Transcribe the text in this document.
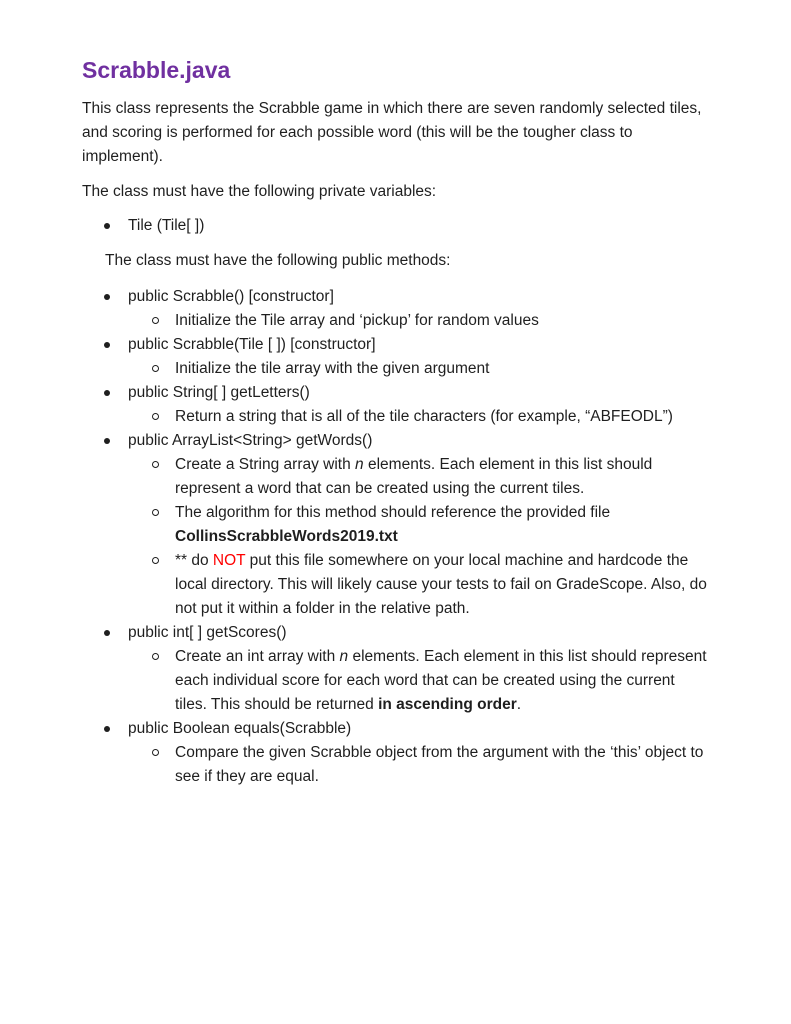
Scrabble.java

This class represents the Scrabble game in which there are seven randomly selected tiles, and scoring is performed for each possible word (this will be the tougher class to implement).

The class must have the following private variables:

Tile (Tile[ ])

The class must have the following public methods:

public Scrabble() [constructor]
Initialize the Tile array and ‘pickup’ for random values
public Scrabble(Tile [ ]) [constructor]
Initialize the tile array with the given argument
public String[ ] getLetters()
Return a string that is all of the tile characters (for example, “ABFEODL”)
public ArrayList<String> getWords()
Create a String array with n elements. Each element in this list should represent a word that can be created using the current tiles.
The algorithm for this method should reference the provided file CollinsScrabbleWords2019.txt
** do NOT put this file somewhere on your local machine and hardcode the local directory. This will likely cause your tests to fail on GradeScope. Also, do not put it within a folder in the relative path.
public int[ ] getScores()
Create an int array with n elements. Each element in this list should represent each individual score for each word that can be created using the current tiles. This should be returned in ascending order.
public Boolean equals(Scrabble)
Compare the given Scrabble object from the argument with the ‘this’ object to see if they are equal.
